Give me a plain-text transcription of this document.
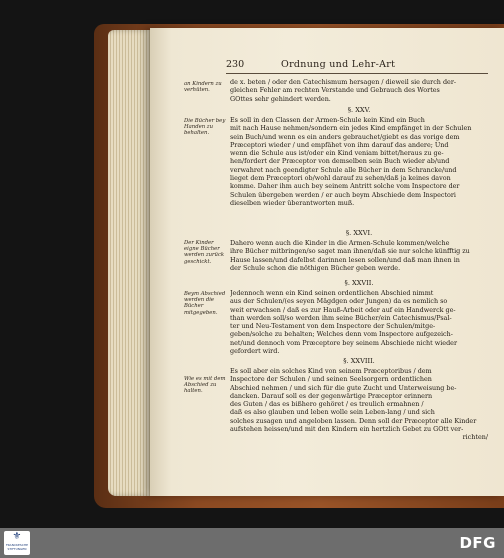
230	Ordnung und Lehr-Art

de x. beten / oder den Catechismum hersagen / dieweil sie durch der-

gleichen Fehler am rechten Verstande und Gebrauch des Wortes

GOttes sehr gehindert werden.

an Kindern zu verhüten.
§. XXV.
Die Bücher bey Handen zu behalten.

Es soll in den Classen der Armen-Schule kein Kind ein Buch

mit nach Hause nehmen/sondern ein jedes Kind empfänget in der Schulen

sein Buch/und wenn es ein anders gebrauchet/giebt es das vorige dem

Præceptori wieder / und empfähet von ihm darauf das andere; Und

wenn die Schule aus ist/oder ein Kind veniam bittet/heraus zu ge-

hen/fordert der Præceptor von demselben sein Buch wieder ab/und

verwahret nach geendigter Schule alle Bücher in dem Schrancke/und

lieget dem Præceptori ob/wohl darauf zu sehen/daß ja keines davon

komme. Daher ihm auch bey seinem Antritt solche vom Inspectore der

Schulen übergeben werden / er auch beym Abschiede dem Inspectori

dieselben wieder überantworten muß.

§. XXVI.
Der Kinder eigne Bücher werden zurück geschickt.

Dahero wenn auch die Kinder in die Armen-Schule kommen/welche

ihre Bücher mitbringen/so saget man ihnen/daß sie nur solche künfftig zu

Hause lassen/und dafelbst darinnen lesen sollen/und daß man ihnen in

der Schule schon die nöthigen Bücher geben werde.

§. XXVII.
Beym Abschied werden die Bücher mitgegeben.

Jedennoch wenn ein Kind seinen ordentlichen Abschied nimmt

aus der Schulen/(es seyen Mägdgen oder Jungen) da es nemlich so

weit erwachsen / daß es zur Hauß-Arbeit oder auf ein Handwerck ge-

than werden soll/so werden ihm seine Bücher/ein Catechismus/Psal-

ter und Neu-Testament von dem Inspectore der Schulen/mitge-

geben/solche zu behalten; Welches denn vom Inspectore aufgezeich-

net/und dennoch vom Præceptore bey seinem Abschiede nicht wieder

gefordert wird.

§. XXVIII.
Wie es mit dem Abschied zu halten.

Es soll aber ein solches Kind von seinem Præceptoribus / dem

Inspectore der Schulen / und seinen Seelsorgern ordentlichen

Abschied nehmen / und sich für die gute Zucht und Unterweisung be-

dancken. Darauf soll es der gegenwärtige Præceptor erinnern

des Guten / das es bißhero gehöret / es treulich ermahnen /

daß es also glauben und leben wolle sein Leben-lang / und sich

solches zusagen und angeloben lassen. Denn soll der Præceptor alle Kinder

aufstehen heissen/und mit den Kindern ein hertzlich Gebet zu GOtt ver-

richten/

⚜
FRANCKESCHE STIFTUNGEN	DFG
